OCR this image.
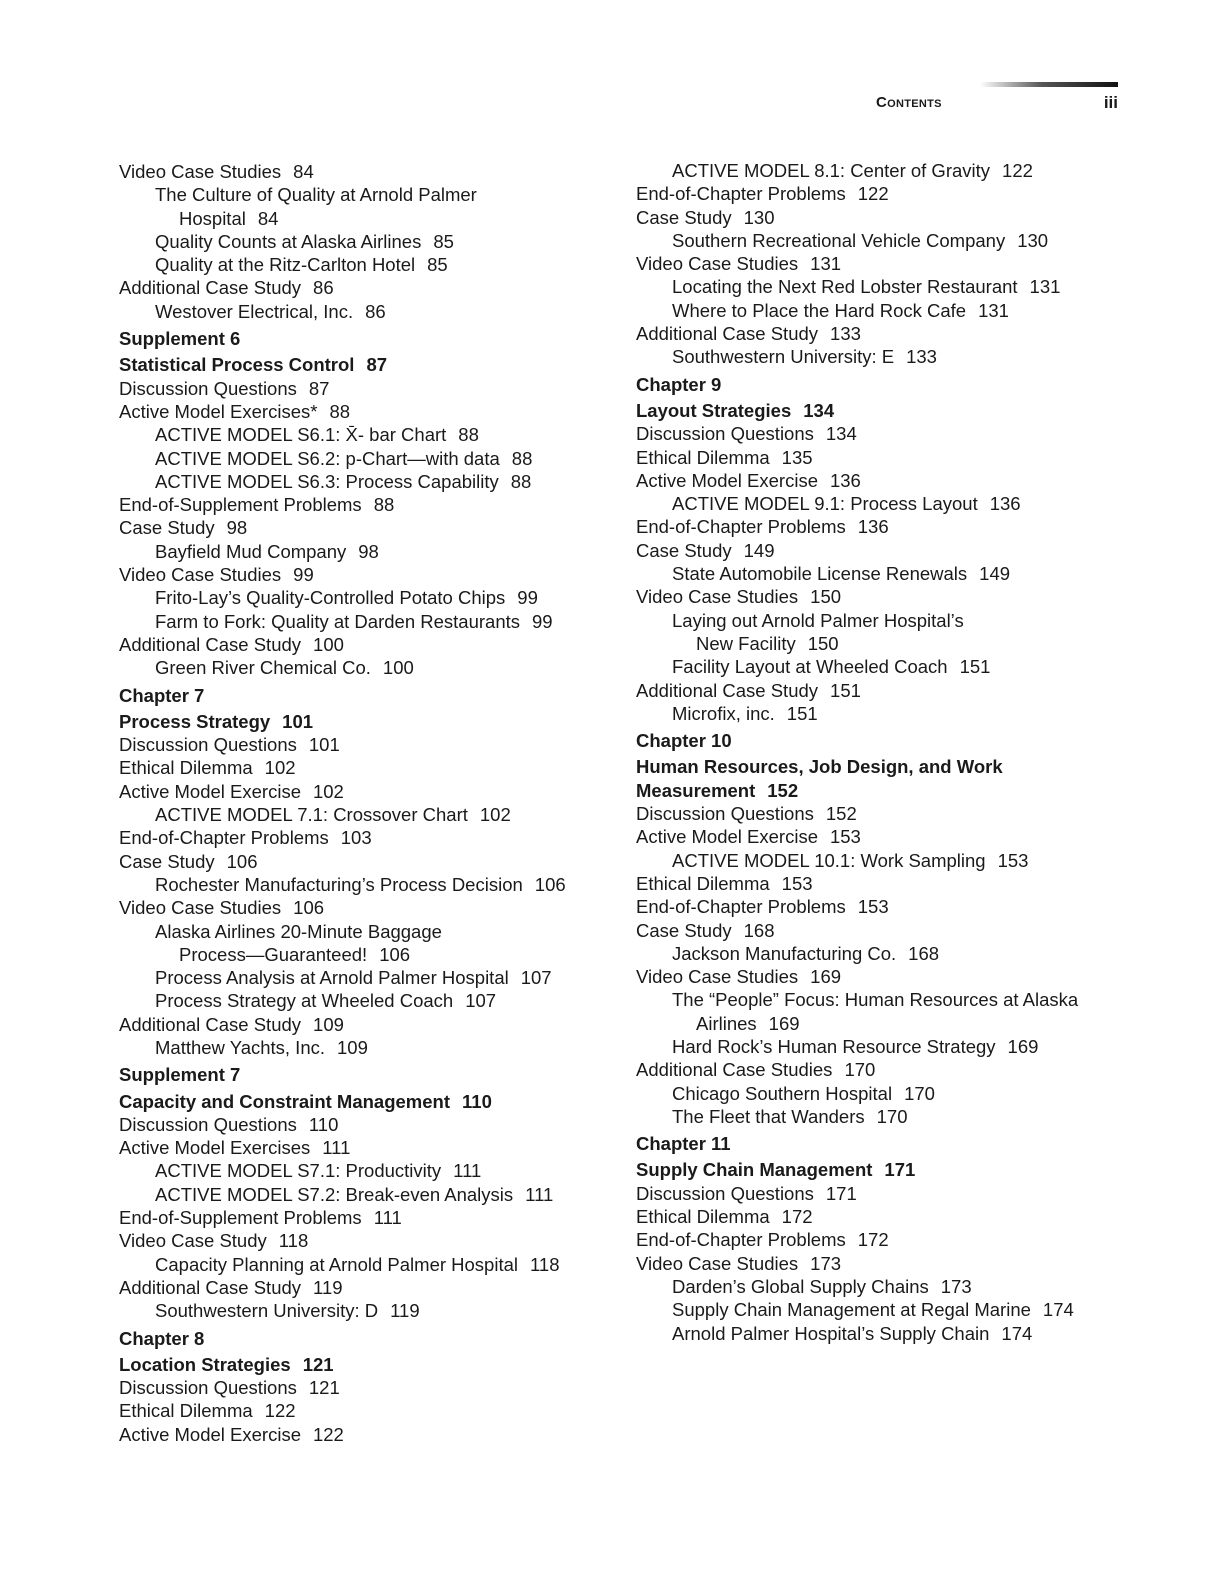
Contents	iii
Video Case Studies 84
The Culture of Quality at Arnold Palmer
Hospital 84
Quality Counts at Alaska Airlines 85
Quality at the Ritz-Carlton Hotel 85
Additional Case Study 86
Westover Electrical, Inc. 86
Supplement 6
Statistical Process Control 87
Discussion Questions 87
Active Model Exercises* 88
ACTIVE MODEL S6.1: X̄- bar Chart 88
ACTIVE MODEL S6.2: p-Chart—with data 88
ACTIVE MODEL S6.3: Process Capability 88
End-of-Supplement Problems 88
Case Study 98
Bayfield Mud Company 98
Video Case Studies 99
Frito-Lay’s Quality-Controlled Potato Chips 99
Farm to Fork: Quality at Darden Restaurants 99
Additional Case Study 100
Green River Chemical Co. 100
Chapter 7
Process Strategy 101
Discussion Questions 101
Ethical Dilemma 102
Active Model Exercise 102
ACTIVE MODEL 7.1: Crossover Chart 102
End-of-Chapter Problems 103
Case Study 106
Rochester Manufacturing’s Process Decision 106
Video Case Studies 106
Alaska Airlines 20-Minute Baggage
Process—Guaranteed! 106
Process Analysis at Arnold Palmer Hospital 107
Process Strategy at Wheeled Coach 107
Additional Case Study 109
Matthew Yachts, Inc. 109
Supplement 7
Capacity and Constraint Management 110
Discussion Questions 110
Active Model Exercises 111
ACTIVE MODEL S7.1: Productivity 111
ACTIVE MODEL S7.2: Break-even Analysis 111
End-of-Supplement Problems 111
Video Case Study 118
Capacity Planning at Arnold Palmer Hospital 118
Additional Case Study 119
Southwestern University: D 119
Chapter 8
Location Strategies 121
Discussion Questions 121
Ethical Dilemma 122
Active Model Exercise 122
ACTIVE MODEL 8.1: Center of Gravity 122
End-of-Chapter Problems 122
Case Study 130
Southern Recreational Vehicle Company 130
Video Case Studies 131
Locating the Next Red Lobster Restaurant 131
Where to Place the Hard Rock Cafe 131
Additional Case Study 133
Southwestern University: E 133
Chapter 9
Layout Strategies 134
Discussion Questions 134
Ethical Dilemma 135
Active Model Exercise 136
ACTIVE MODEL 9.1: Process Layout 136
End-of-Chapter Problems 136
Case Study 149
State Automobile License Renewals 149
Video Case Studies 150
Laying out Arnold Palmer Hospital’s
New Facility 150
Facility Layout at Wheeled Coach 151
Additional Case Study 151
Microfix, inc. 151
Chapter 10
Human Resources, Job Design, and Work
Measurement 152
Discussion Questions 152
Active Model Exercise 153
ACTIVE MODEL 10.1: Work Sampling 153
Ethical Dilemma 153
End-of-Chapter Problems 153
Case Study 168
Jackson Manufacturing Co. 168
Video Case Studies 169
The “People” Focus: Human Resources at Alaska
Airlines 169
Hard Rock’s Human Resource Strategy 169
Additional Case Studies 170
Chicago Southern Hospital 170
The Fleet that Wanders 170
Chapter 11
Supply Chain Management 171
Discussion Questions 171
Ethical Dilemma 172
End-of-Chapter Problems 172
Video Case Studies 173
Darden’s Global Supply Chains 173
Supply Chain Management at Regal Marine 174
Arnold Palmer Hospital’s Supply Chain 174
